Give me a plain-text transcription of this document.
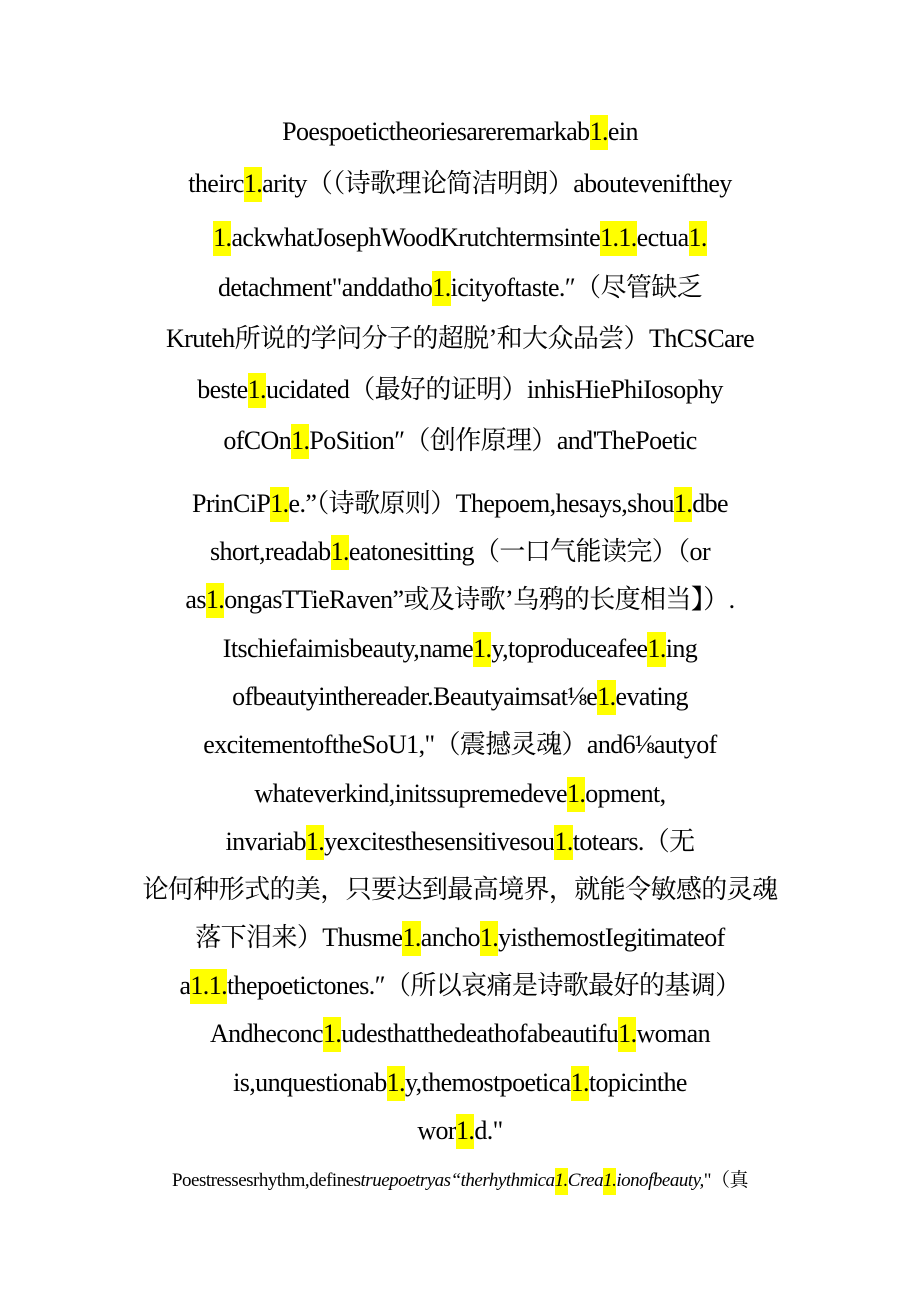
Poespoetictheoriesareremarkab1.ein
theirc1.arity（（诗歌理论简洁明朗）abouteveniftheу
1.ackwhatJosephWoodKrutchtermsinte1.1.ectua1.
detachment"anddatho1.icityoftaste.″（尽管缺乏
Kruteh所说的学问分子的超脱’和大众品尝）ThCSCare
beste1.ucidated（最好的证明）inhisHiePhiIosophy
ofCOn1.PoSition″（创作原理）and'ThePoetic
PrinCiP1.e.”（诗歌原则）Thepoem,hesays,shou1.dbe
short,readab1.eatonesitting（一口气能读完）（or
as1.ongasTTieRaven”或及诗歌’乌鸦的长度相当】）.
Itschiefaimisbeauty,name1.y,toproduceafee1.ing
ofbeautyinthereader.Beautyaimsat⅛e1.evating
excitementoftheSoU1,"（震撼灵魂）and6⅛autyof
whateverkind,initssupremedeve1.opment,
invariab1.yexcitesthesensitivesou1.totears.（无
论何种形式的美，只要达到最高境界，就能令敏感的灵魂
落下泪来）Thusme1.ancho1.yisthemostIegitimateof
a1.1.thepoetictones.″（所以哀痛是诗歌最好的基调）
Andheconc1.udesthatthedeathofabeautifu1.woman
is,unquestionab1.y,themostpoetica1.topicinthe
wor1.d."
Poestressesrhythm,definestruepoetryas“therhythmica1.Crea1.ionofbeauty,"（真
